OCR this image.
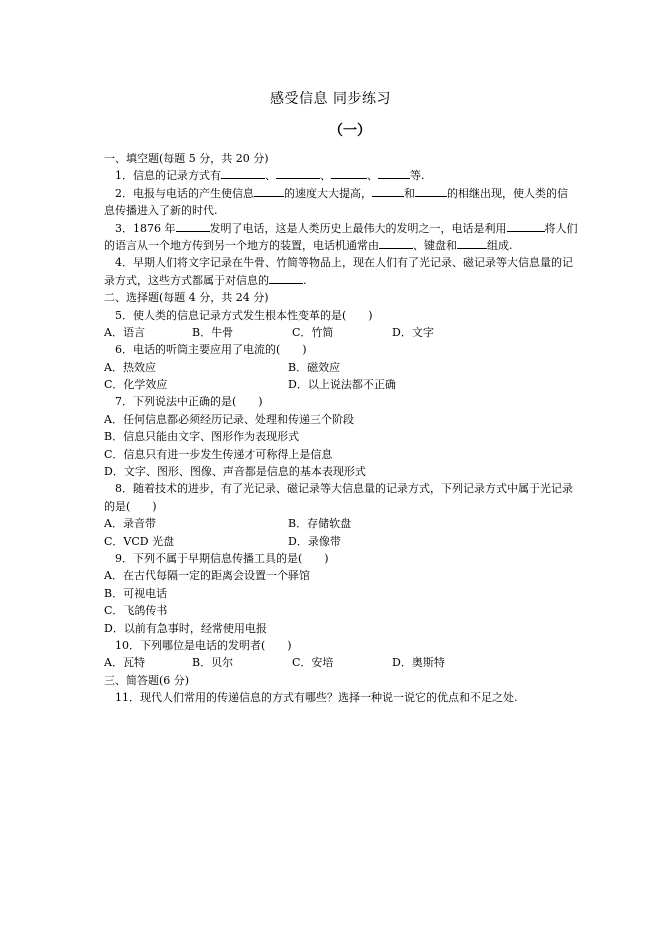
感受信息 同步练习
（一）
一、填空题(每题 5 分，共 20 分)
1．信息的记录方式有	、	、	、	等.
2．电报与电话的产生使信息	的速度大大提高，	和	的相继出现，使人类的信
息传播进入了新的时代.
3．1876 年	发明了电话，这是人类历史上最伟大的发明之一，电话是利用	将人们
的语言从一个地方传到另一个地方的装置，电话机通常由	、键盘和	组成.
4．早期人们将文字记录在牛骨、竹简等物品上，现在人们有了光记录、磁记录等大信息量的记
录方式，这些方式都属于对信息的	.
二、选择题(每题 4 分，共 24 分)
5．使人类的信息记录方式发生根本性变革的是(　　)
A．语言	B．牛骨	C．竹简	D．文字
6．电话的听筒主要应用了电流的(　　)
A．热效应	B．磁效应
C．化学效应	D．以上说法都不正确
7．下列说法中正确的是(　　)
A．任何信息都必须经历记录、处理和传递三个阶段
B．信息只能由文字、图形作为表现形式
C．信息只有进一步发生传递才可称得上是信息
D．文字、图形、图像、声音都是信息的基本表现形式
8．随着技术的进步，有了光记录、磁记录等大信息量的记录方式，下列记录方式中属于光记录
的是(　　)
A．录音带	B．存储软盘
C．VCD 光盘	D．录像带
9．下列不属于早期信息传播工具的是(　　)
A．在古代每隔一定的距离会设置一个驿馆
B．可视电话
C．飞鸽传书
D．以前有急事时，经常使用电报
10．下列哪位是电话的发明者(　　)
A．瓦特	B．贝尔	C．安培	D．奥斯特
三、简答题(6 分)
11．现代人们常用的传递信息的方式有哪些？选择一种说一说它的优点和不足之处.
